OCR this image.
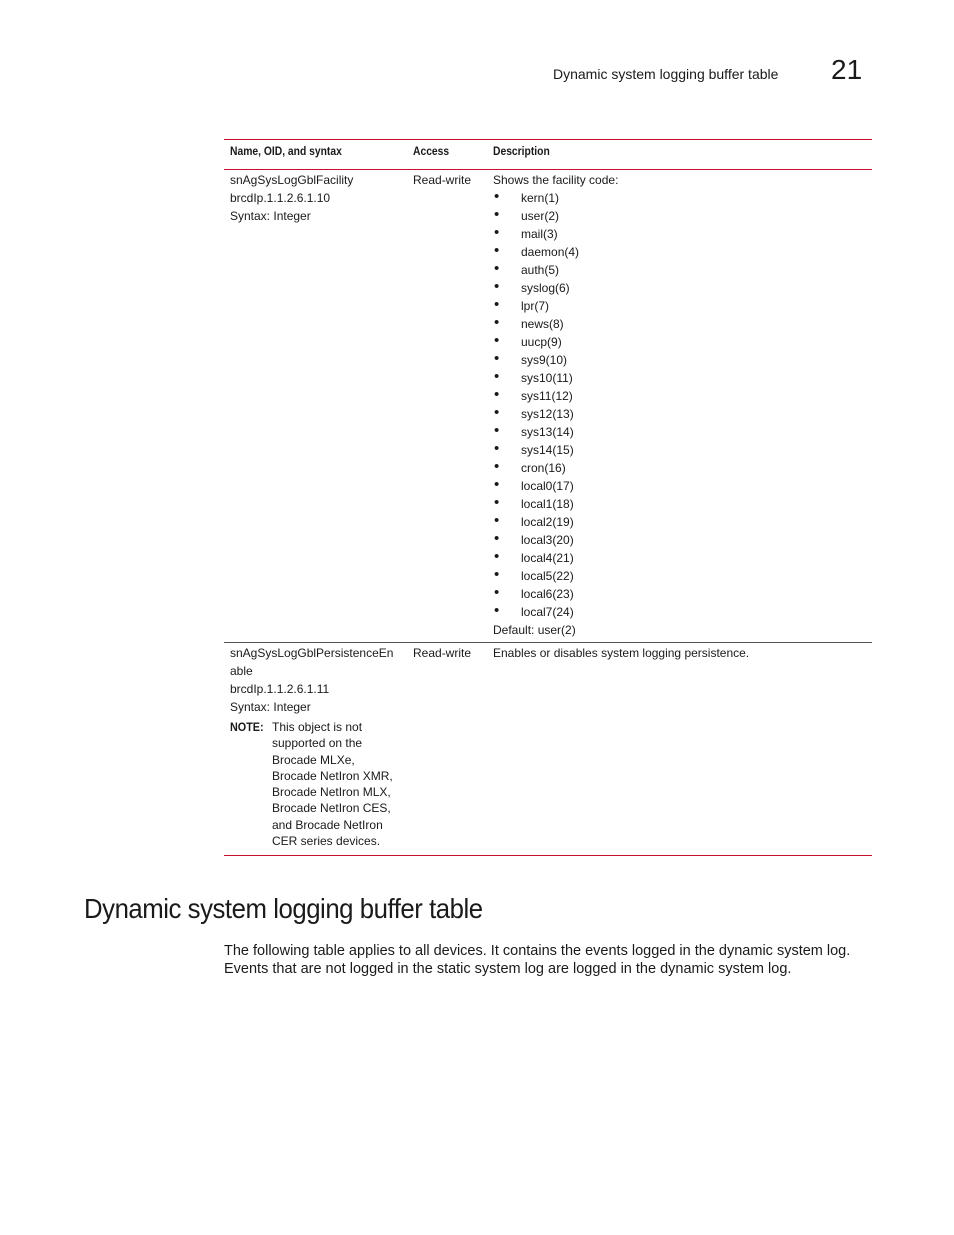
Dynamic system logging buffer table 21
Name, OID, and syntax	Access	Description
snAgSysLogGblFacility
brcdIp.1.1.2.6.1.10
Syntax: Integer
Read-write Shows the facility code:
• kern(1)
• user(2)
• mail(3)
• daemon(4)
• auth(5)
• syslog(6)
• lpr(7)
• news(8)
• uucp(9)
• sys9(10)
• sys10(11)
• sys11(12)
• sys12(13)
• sys13(14)
• sys14(15)
• cron(16)
• local0(17)
• local1(18)
• local2(19)
• local3(20)
• local4(21)
• local5(22)
• local6(23)
• local7(24)
Default: user(2)
snAgSysLogGblPersistenceEn
able
brcdIp.1.1.2.6.1.11
Syntax: Integer
NOTE: This object is not
supported on the
Brocade MLXe,
Brocade NetIron XMR,
Brocade NetIron MLX,
Brocade NetIron CES,
and Brocade NetIron
CER series devices.
Read-write Enables or disables system logging persistence.
Dynamic system logging buffer table
The following table applies to all devices. It contains the events logged in the dynamic system log.
Events that are not logged in the static system log are logged in the dynamic system log.
